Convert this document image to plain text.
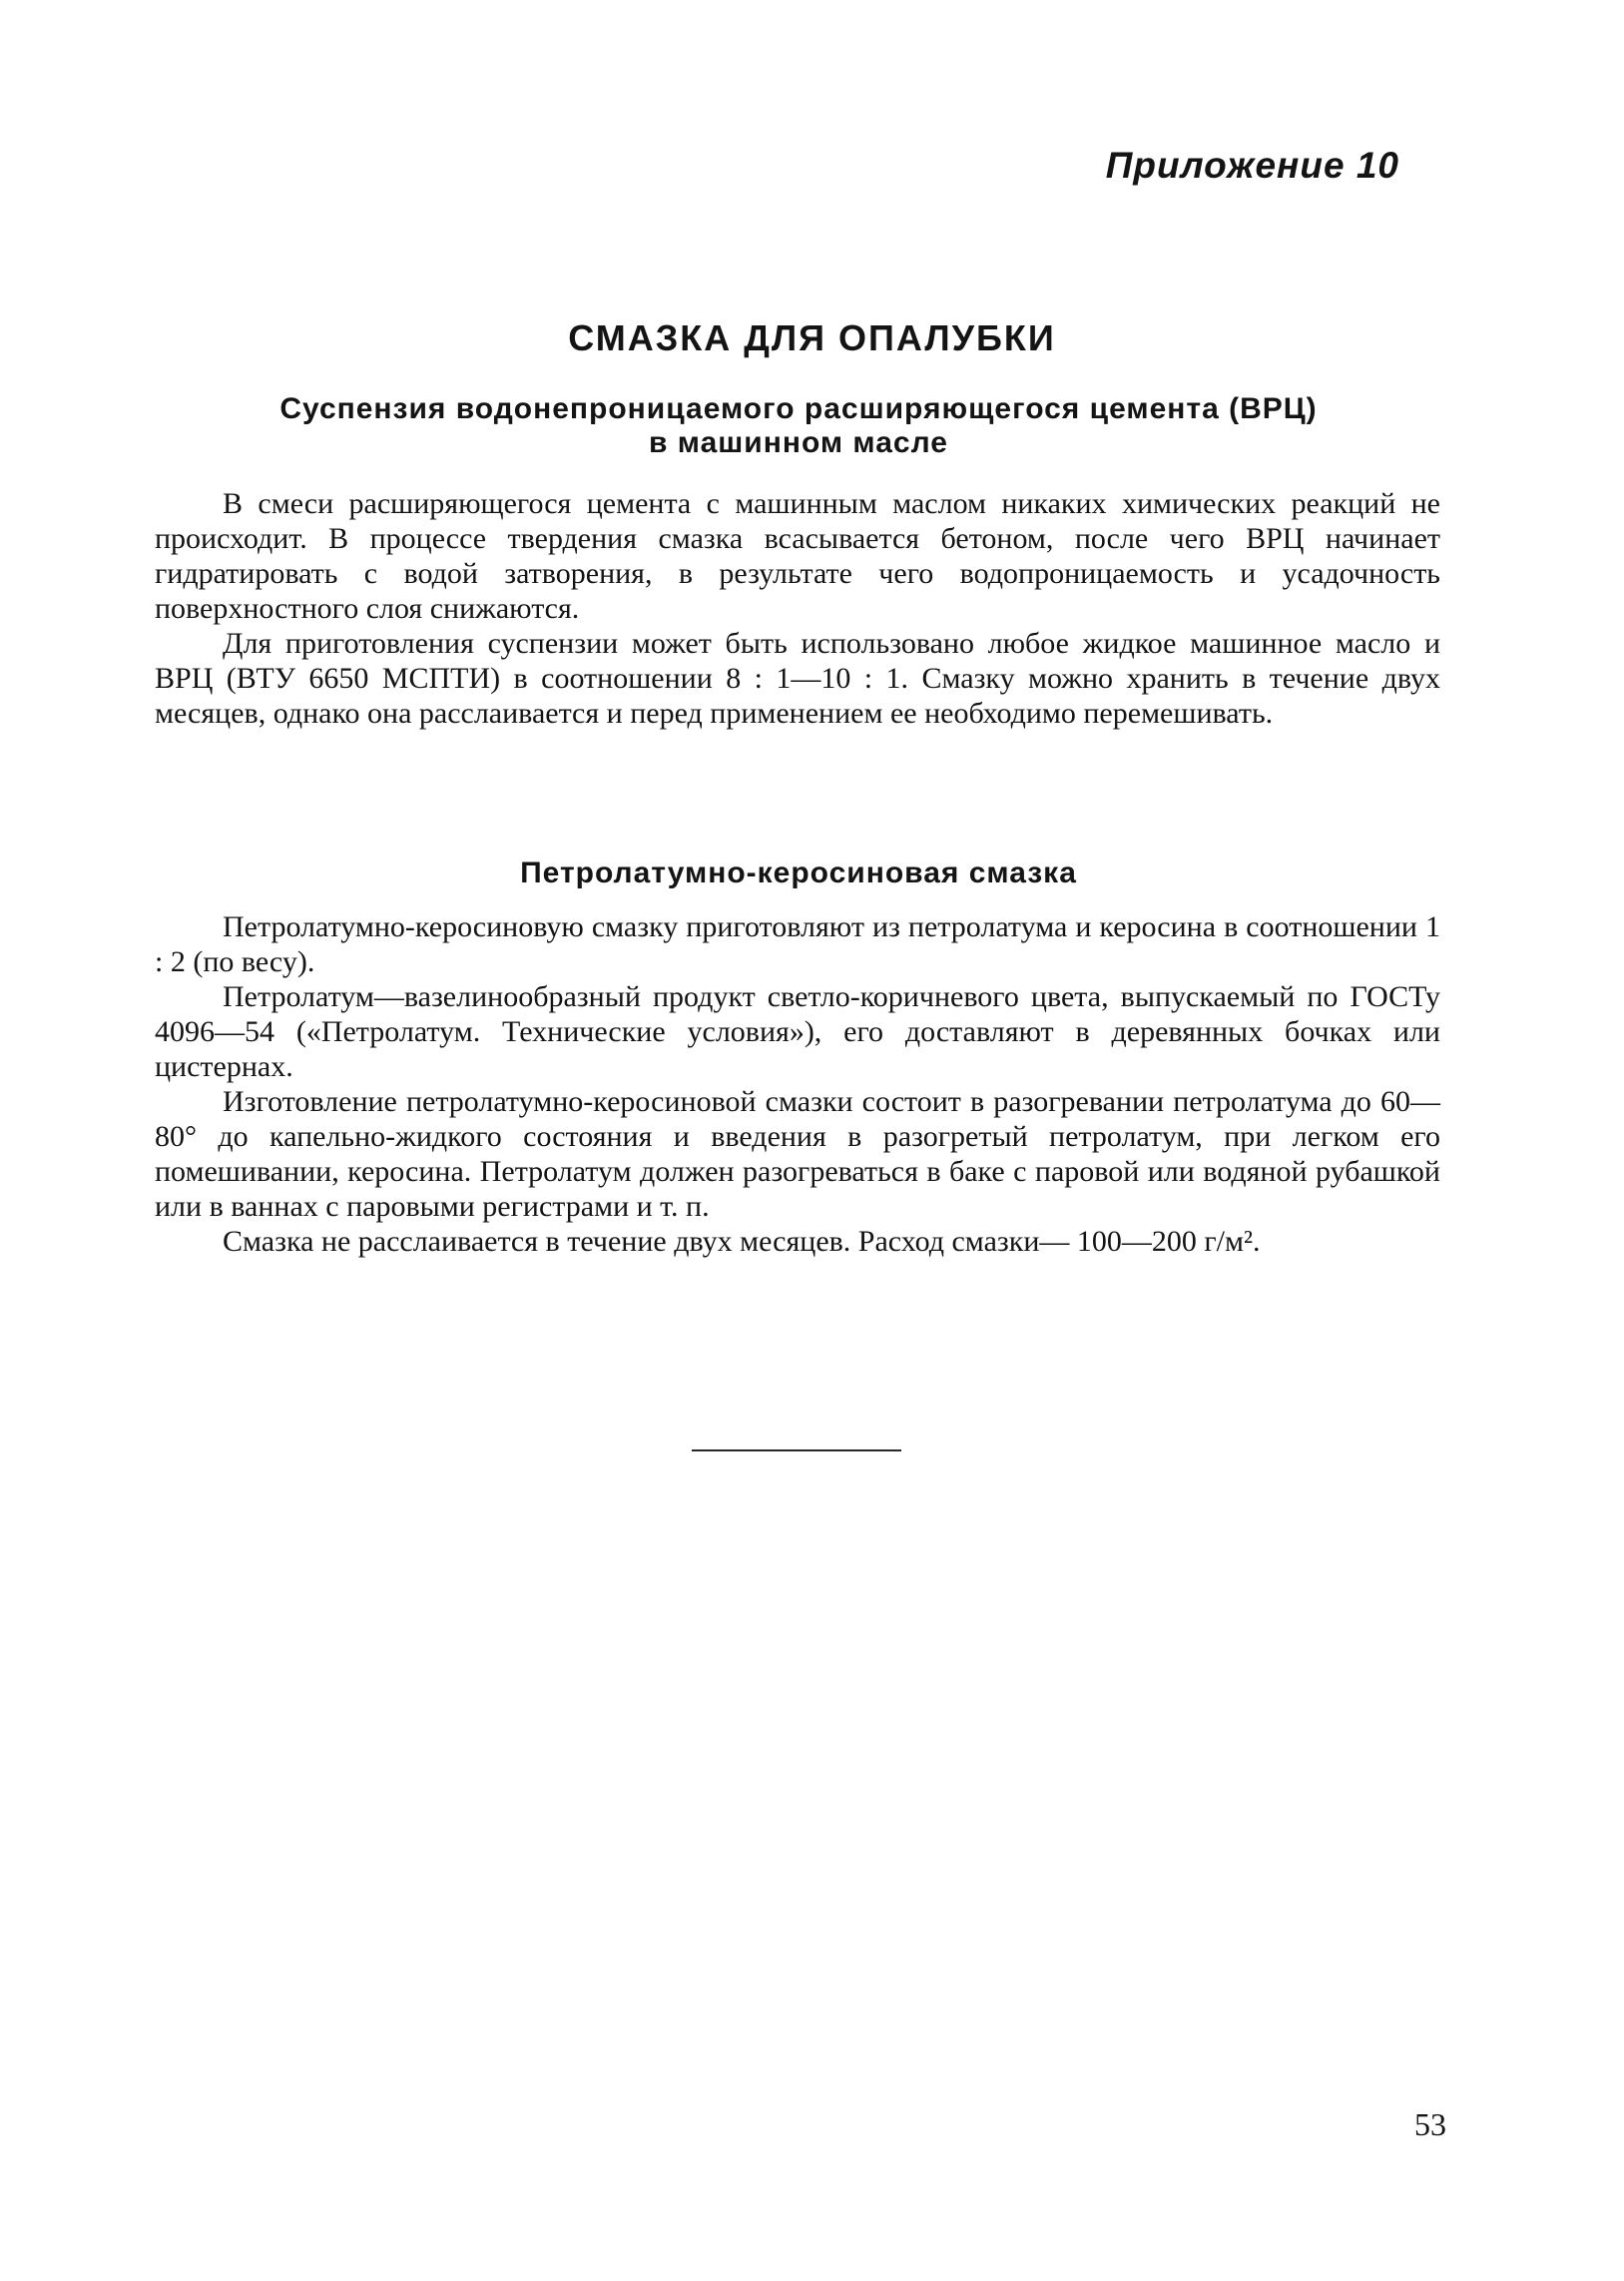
Приложение 10
СМАЗКА ДЛЯ ОПАЛУБКИ
Суспензия водонепроницаемого расширяющегося цемента (ВРЦ)
в машинном масле

В смеси расширяющегося цемента с машинным маслом никаких химических реакций не происходит. В процессе твердения смазка всасывается бетоном, после чего ВРЦ начинает гидратировать с водой затворения, в результате чего водопроницаемость и усадочность поверхностного слоя снижаются.

Для приготовления суспензии может быть использовано любое жидкое машинное масло и ВРЦ (ВТУ 6650 МСПТИ) в соотношении 8 : 1—10 : 1. Смазку можно хранить в течение двух месяцев, однако она расслаивается и перед применением ее необходимо перемешивать.

Петролатумно-керосиновая смазка

Петролатумно-керосиновую смазку приготовляют из петролатума и керосина в соотношении 1 : 2 (по весу).

Петролатум—вазелинообразный продукт светло-коричневого цвета, выпускаемый по ГОСТу 4096—54 («Петролатум. Технические условия»), его доставляют в деревянных бочках или цистернах.

Изготовление петролатумно-керосиновой смазки состоит в разогревании петролатума до 60—80° до капельно-жидкого состояния и введения в разогретый петролатум, при легком его помешивании, керосина. Петролатум должен разогреваться в баке с паровой или водяной рубашкой или в ваннах с паровыми регистрами и т. п.

Смазка не расслаивается в течение двух месяцев. Расход смазки— 100—200 г/м².

53
